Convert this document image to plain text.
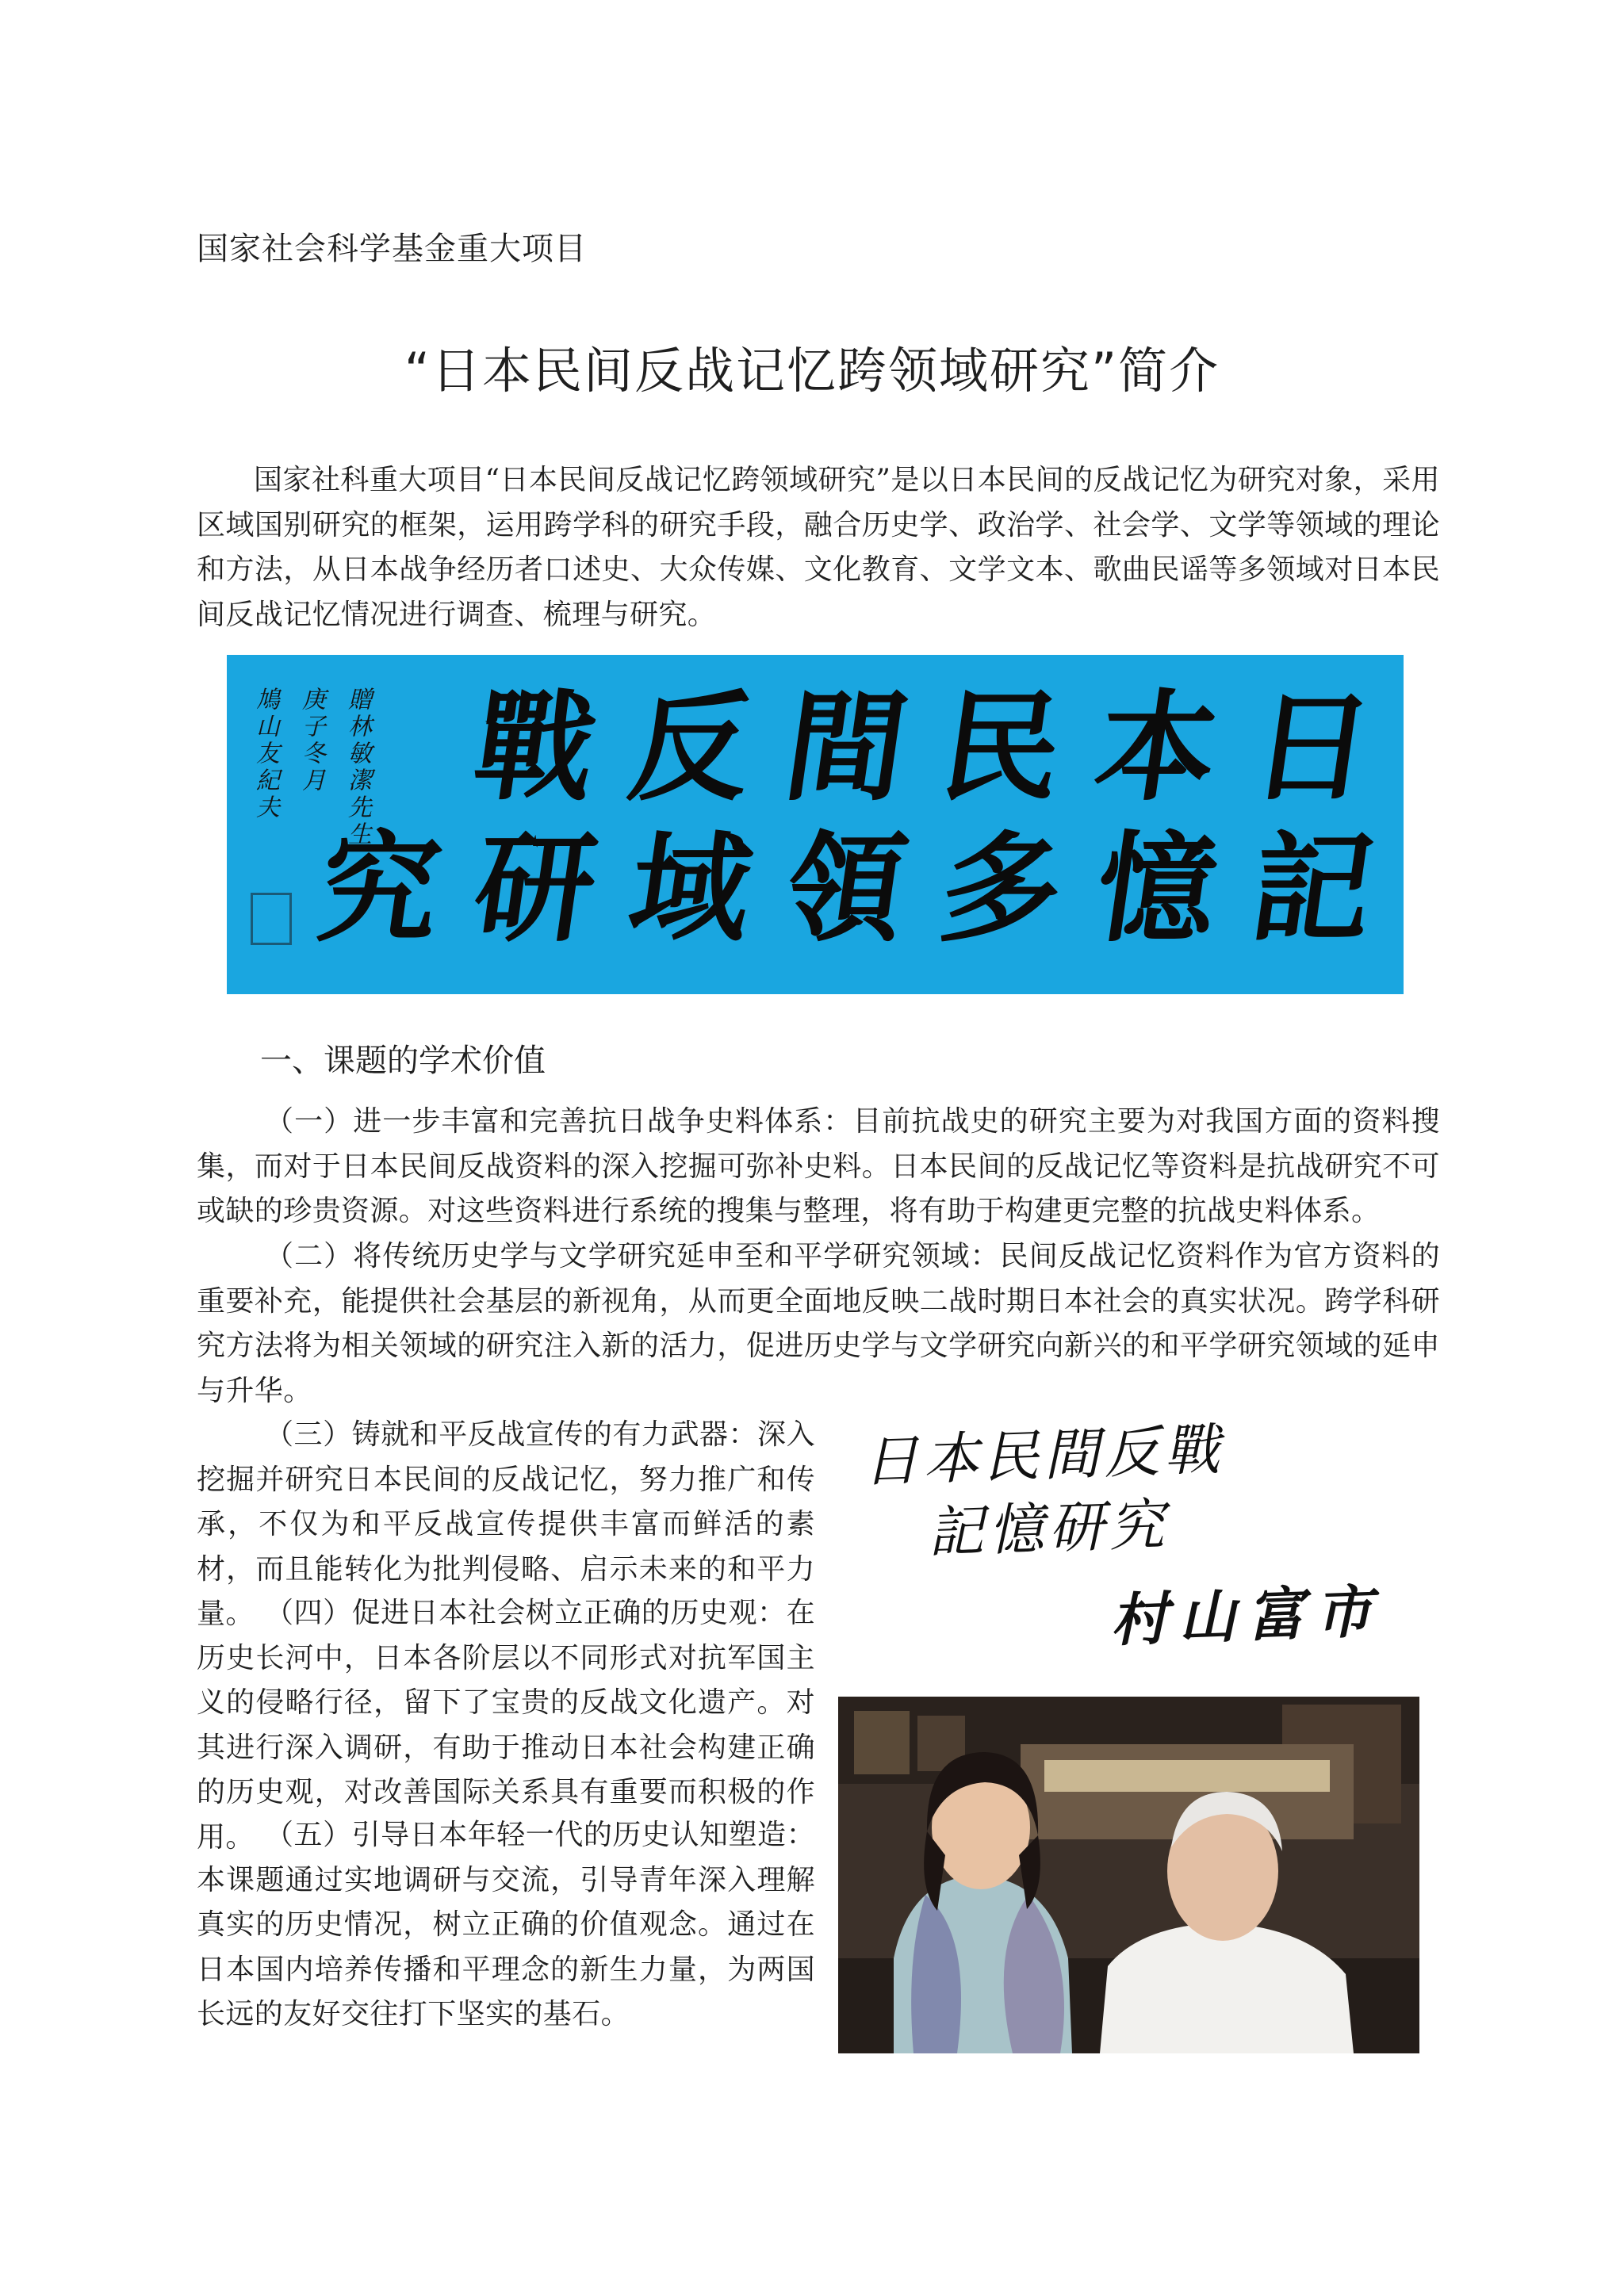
国家社会科学基金重大项目
“日本民间反战记忆跨领域研究”简介

国家社科重大项目“日本民间反战记忆跨领域研究”是以日本民间的反战记忆为研究对象，采用区域国别研究的框架，运用跨学科的研究手段，融合历史学、政治学、社会学、文学等领域的理论和方法，从日本战争经历者口述史、大众传媒、文化教育、文学文本、歌曲民谣等多领域对日本民间反战记忆情况进行调查、梳理与研究。

日
本
民
間
反
戰
記
憶
多
領
域
研
究
贈林敏潔先生
庚子冬月
鳩山友紀夫
一、课题的学术价值

（一）进一步丰富和完善抗日战争史料体系：目前抗战史的研究主要为对我国方面的资料搜集，而对于日本民间反战资料的深入挖掘可弥补史料。日本民间的反战记忆等资料是抗战研究不可或缺的珍贵资源。对这些资料进行系统的搜集与整理，将有助于构建更完整的抗战史料体系。

（二）将传统历史学与文学研究延申至和平学研究领域：民间反战记忆资料作为官方资料的重要补充，能提供社会基层的新视角，从而更全面地反映二战时期日本社会的真实状况。跨学科研究方法将为相关领域的研究注入新的活力，促进历史学与文学研究向新兴的和平学研究领域的延申与升华。

（三）铸就和平反战宣传的有力武器：深入挖掘并研究日本民间的反战记忆，努力推广和传承，不仅为和平反战宣传提供丰富而鲜活的素材，而且能转化为批判侵略、启示未来的和平力量。 （四）促进日本社会树立正确的历史观：在历史长河中，日本各阶层以不同形式对抗军国主义的侵略行径，留下了宝贵的反战文化遗产。对其进行深入调研，有助于推动日本社会构建正确的历史观，对改善国际关系具有重要而积极的作用。 （五）引导日本年轻一代的历史认知塑造：本课题通过实地调研与交流，引导青年深入理解真实的历史情况，树立正确的价值观念。通过在日本国内培养传播和平理念的新生力量，为两国长远的友好交往打下坚实的基石。

日本民間反戰
記憶研究
村山富市
